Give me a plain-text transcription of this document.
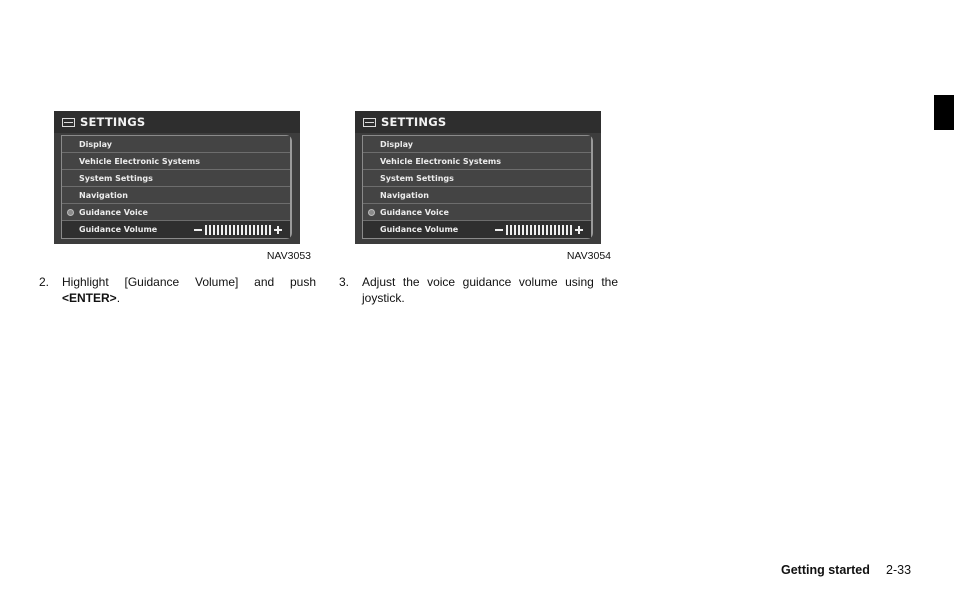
SETTINGS
Display
Vehicle Electronic Systems
System Settings
Navigation
Guidance Voice
Guidance Volume
NAV3053
SETTINGS
Display
Vehicle Electronic Systems
System Settings
Navigation
Guidance Voice
Guidance Volume
NAV3054
2. Highlight [Guidance Volume] and push
<ENTER>.
3. Adjust the voice guidance volume using the
joystick.
Getting started 2-33
